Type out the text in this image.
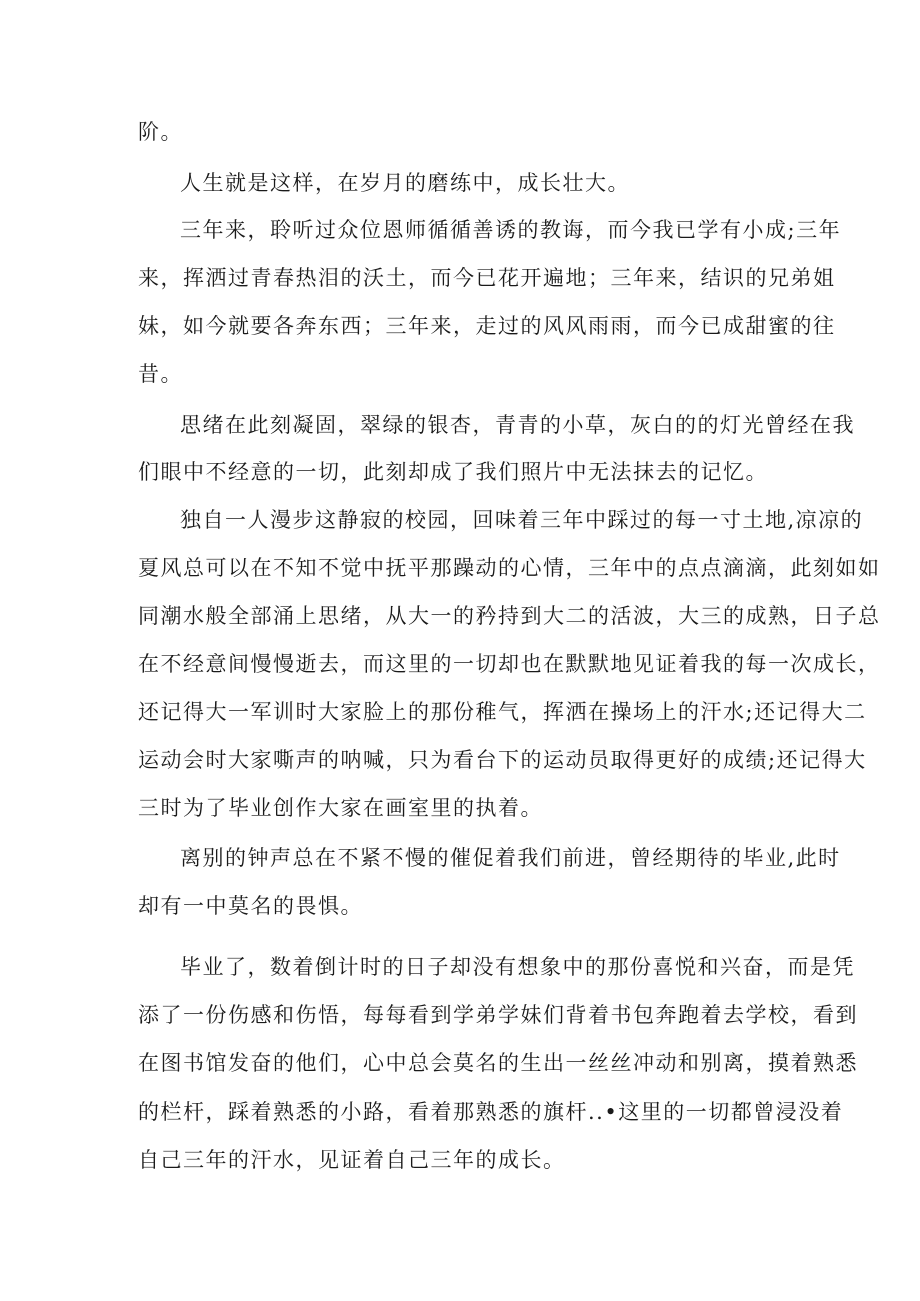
阶。
人生就是这样，在岁月的磨练中，成长壮大。
三年来，聆听过众位恩师循循善诱的教诲，而今我已学有小成;三年
来，挥洒过青春热泪的沃土，而今已花开遍地；三年来，结识的兄弟姐
妹，如今就要各奔东西；三年来，走过的风风雨雨，而今已成甜蜜的往
昔。
思绪在此刻凝固，翠绿的银杏，青青的小草，灰白的的灯光曾经在我
们眼中不经意的一切，此刻却成了我们照片中无法抹去的记忆。
独自一人漫步这静寂的校园，回味着三年中踩过的每一寸土地,凉凉的
夏风总可以在不知不觉中抚平那躁动的心情，三年中的点点滴滴，此刻如如
同潮水般全部涌上思绪，从大一的矜持到大二的活波，大三的成熟，日子总
在不经意间慢慢逝去，而这里的一切却也在默默地见证着我的每一次成长，
还记得大一军训时大家脸上的那份稚气，挥洒在操场上的汗水;还记得大二
运动会时大家嘶声的呐喊，只为看台下的运动员取得更好的成绩;还记得大
三时为了毕业创作大家在画室里的执着。
离别的钟声总在不紧不慢的催促着我们前进，曾经期待的毕业,此时
却有一中莫名的畏惧。
毕业了，数着倒计时的日子却没有想象中的那份喜悦和兴奋，而是凭
添了一份伤感和伤悟，每每看到学弟学妹们背着书包奔跑着去学校，看到
在图书馆发奋的他们，心中总会莫名的生出一丝丝冲动和别离，摸着熟悉
的栏杆，踩着熟悉的小路，看着那熟悉的旗杆..•这里的一切都曾浸没着
自己三年的汗水，见证着自己三年的成长。
